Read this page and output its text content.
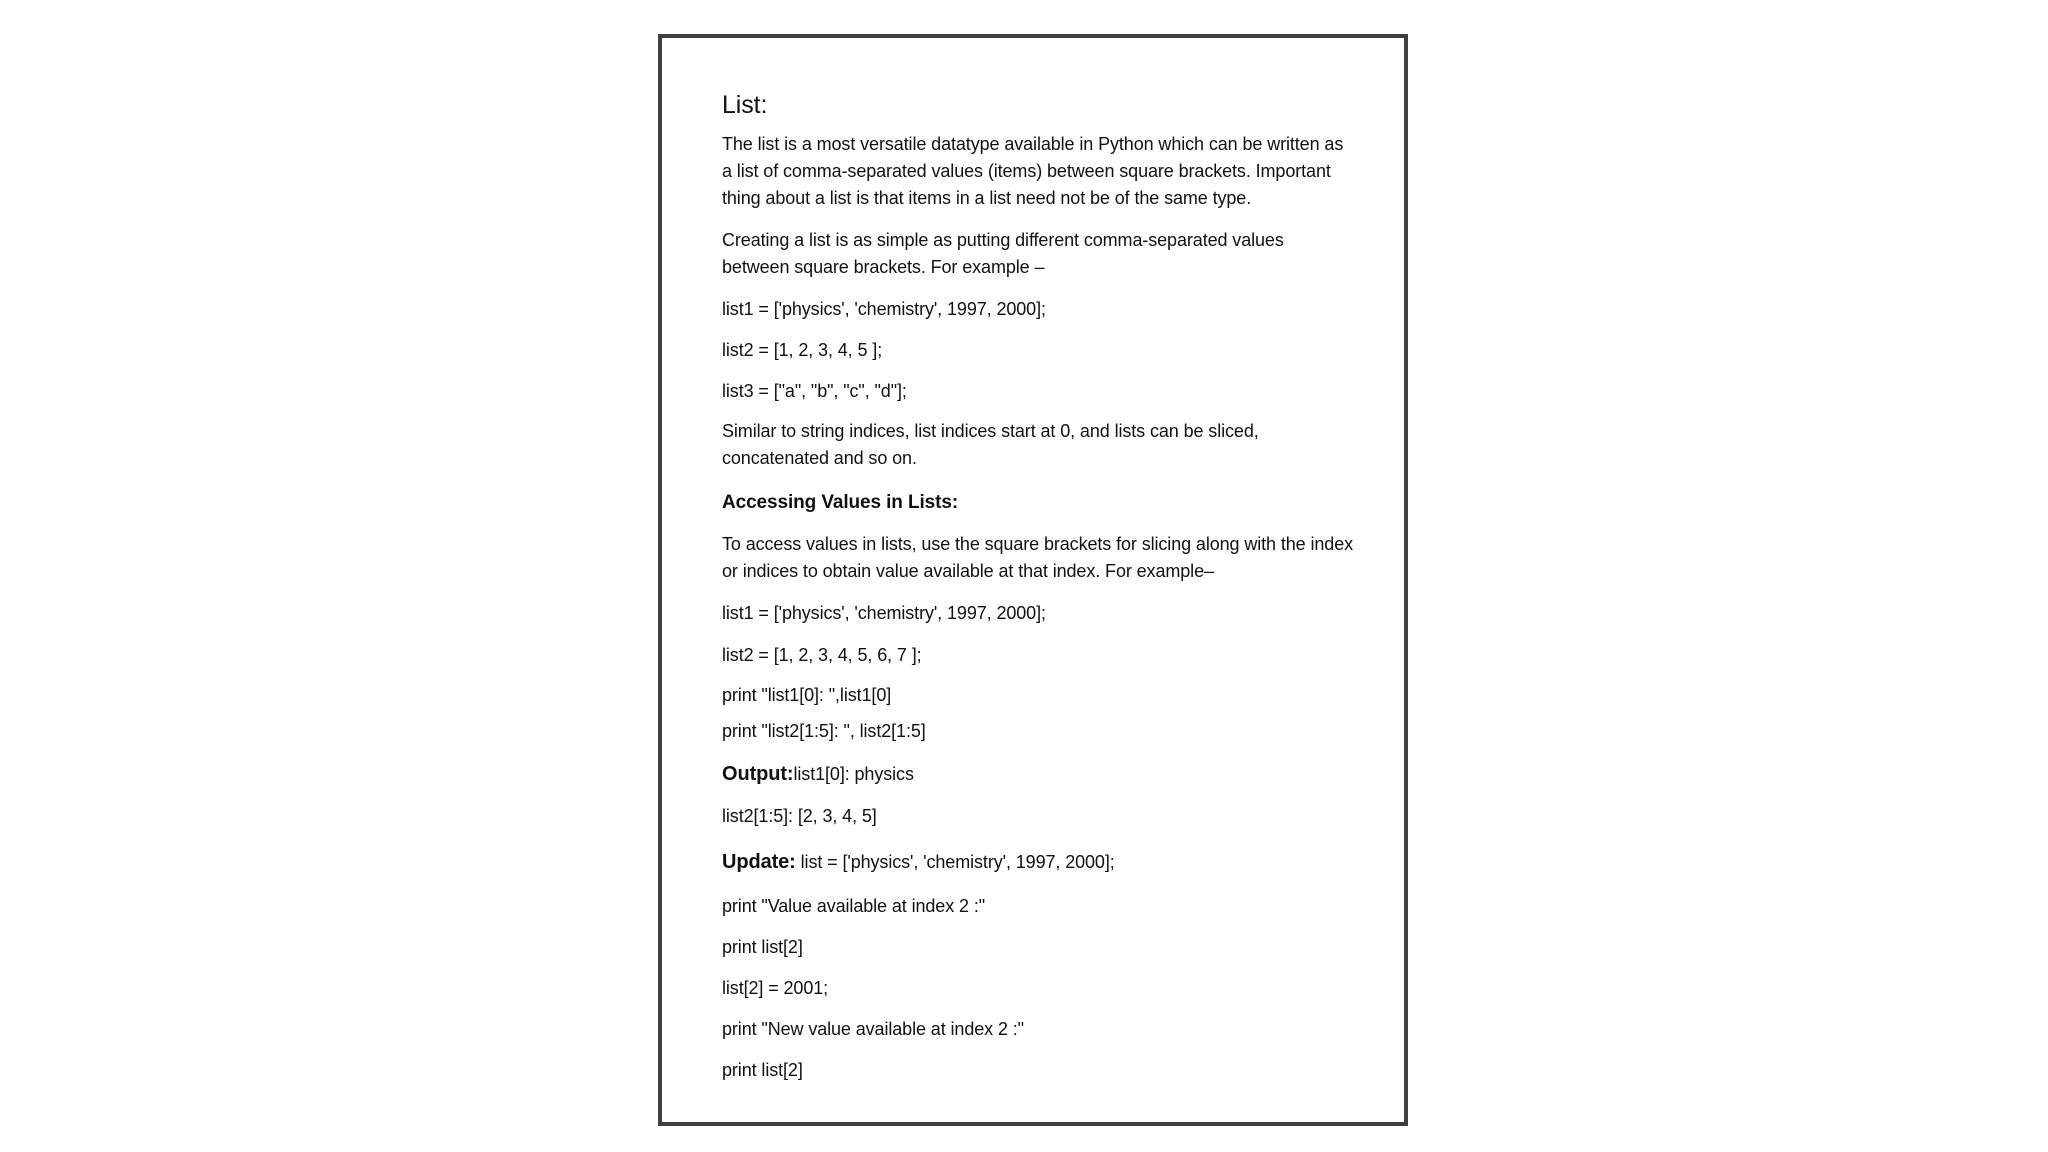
List:
The list is a most versatile datatype available in Python which can be written as
a list of comma-separated values (items) between square brackets. Important
thing about a list is that items in a list need not be of the same type.
Creating a list is as simple as putting different comma-separated values
between square brackets. For example –
list1 = ['physics', 'chemistry', 1997, 2000];
list2 = [1, 2, 3, 4, 5 ];
list3 = ["a", "b", "c", "d"];
Similar to string indices, list indices start at 0, and lists can be sliced,
concatenated and so on.
Accessing Values in Lists:
To access values in lists, use the square brackets for slicing along with the index
or indices to obtain value available at that index. For example–
list1 = ['physics', 'chemistry', 1997, 2000];
list2 = [1, 2, 3, 4, 5, 6, 7 ];
print "list1[0]: ",list1[0]
print "list2[1:5]: ", list2[1:5]
Output:list1[0]: physics
list2[1:5]: [2, 3, 4, 5]
Update: list = ['physics', 'chemistry', 1997, 2000];
print "Value available at index 2 :"
print list[2]
list[2] = 2001;
print "New value available at index 2 :"
print list[2]
